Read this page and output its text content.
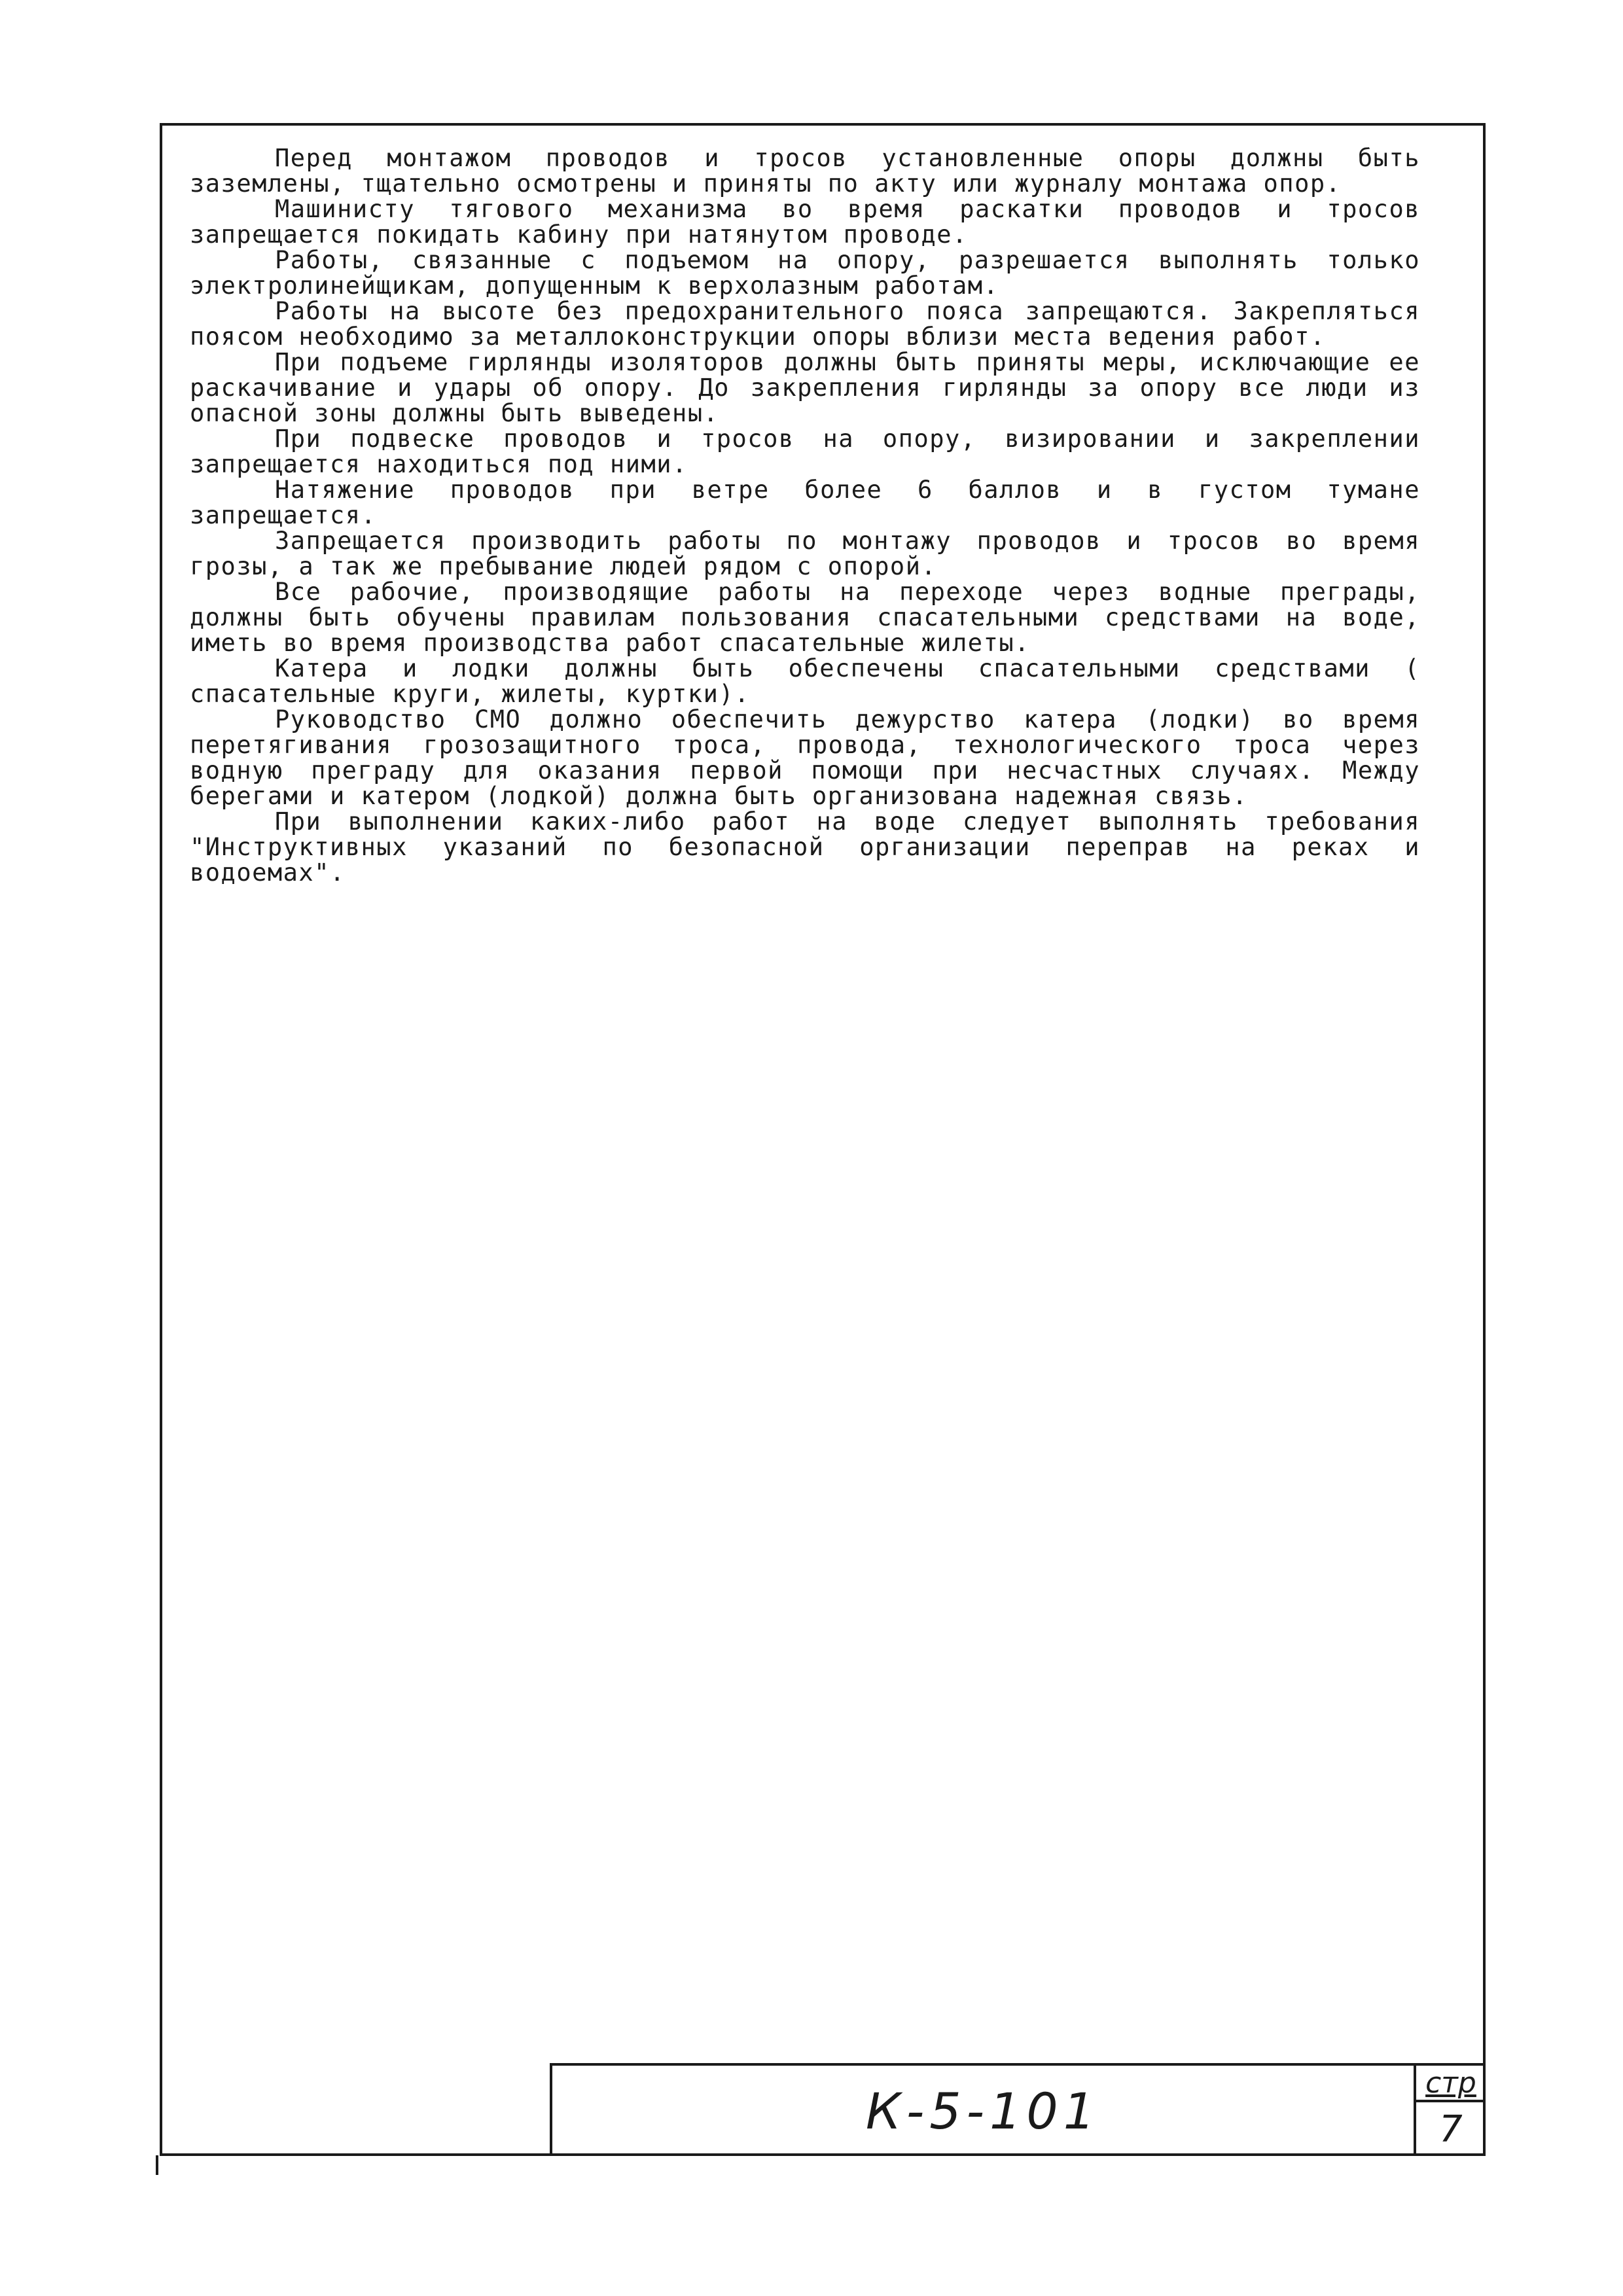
Перед монтажом проводов и тросов установленные опоры должны быть заземлены, тщательно осмотрены и приняты по акту или журналу монтажа опор.

Машинисту тягового механизма во время раскатки проводов и тросов запрещается покидать кабину при натянутом проводе.

Работы, связанные с подъемом на опору, разрешается выполнять только электролинейщикам, допущенным к верхолазным работам.

Работы на высоте без предохранительного пояса запрещаются. Закрепляться поясом необходимо за металлоконструкции опоры вблизи места ведения работ.

При подъеме гирлянды изоляторов должны быть приняты меры, исключающие ее раскачивание и удары об опору. До закрепления гирлянды за опору все люди из опасной зоны должны быть выведены.

При подвеске проводов и тросов на опору, визировании и закреплении запрещается находиться под ними.

Натяжение проводов при ветре более 6 баллов и в густом тумане запрещается.

Запрещается производить работы по монтажу проводов и тросов во время грозы, а так же пребывание людей рядом с опорой.

Все рабочие, производящие работы на переходе через водные преграды, должны быть обучены правилам пользования спасательными средствами на воде, иметь во время производства работ спасательные жилеты.

Катера и лодки должны быть обеспечены спасательными средствами ( спасательные круги, жилеты, куртки).

Руководство СМО должно обеспечить дежурство катера (лодки) во время перетягивания грозозащитного троса, провода, технологического троса через водную преграду для оказания первой помощи при несчастных случаях. Между берегами и катером (лодкой) должна быть организована надежная связь.

При выполнении каких-либо работ на воде следует выполнять требования "Инструктивных указаний по безопасной организации переправ на реках и водоемах".

К-5-101	стр
7
